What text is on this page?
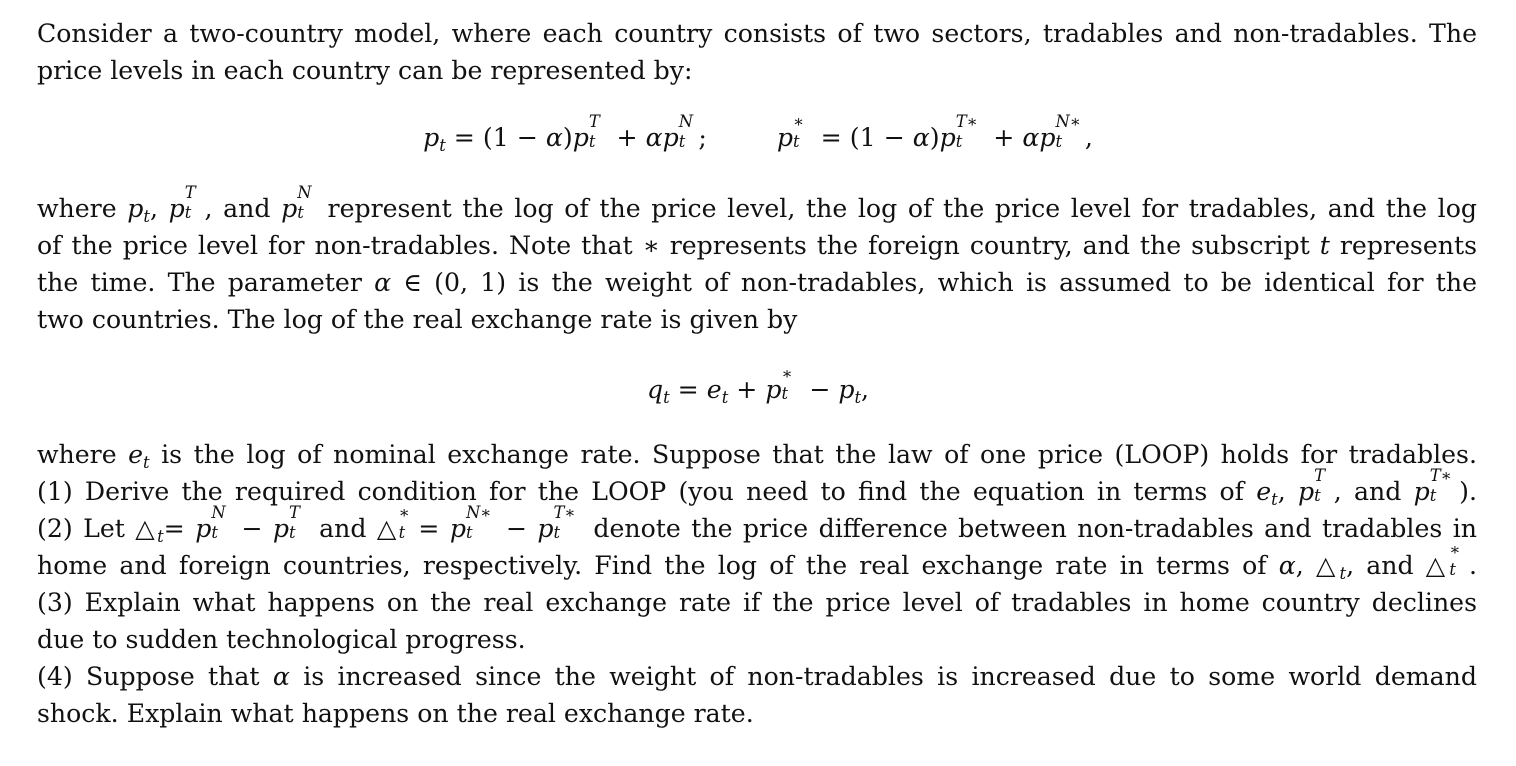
Consider a two-country model, where each country consists of two sectors, tradables and non-tradables. The
price levels in each country can be represented by:
$p_t = (1 - \alpha)p$
T
t + αp
N
t ;	p
∗
t = (1 − α)p
T∗
t + αp
N∗
t ,
where $p_t$, p
T
t , and p
N
t represent the log of the price level, the log of the price level for tradables, and the log
of the price level for non-tradables. Note that ∗ represents the foreign country, and the subscript t represents
the time. The parameter α ∈ (0, 1) is the weight of non-tradables, which is assumed to be identical for the
two countries. The log of the real exchange rate is given by
$q_t = e_t + p$
∗
$t - p_t$,
where $e_t$ is the log of nominal exchange rate. Suppose that the law of one price (LOOP) holds for tradables.
(1) Derive the required condition for the LOOP (you need to find the equation in terms of $e_t$, p
T
t , and p
T∗
t ).
(2) Let $\triangle_t= p$
N
t − p
T
t and △
∗
t = p
N∗
t − p
T∗
t denote the price difference between non-tradables and tradables in
home and foreign countries, respectively. Find the log of the real exchange rate in terms of α, $\triangle_t$, and △
∗
t .
(3) Explain what happens on the real exchange rate if the price level of tradables in home country declines
due to sudden technological progress.
(4) Suppose that α is increased since the weight of non-tradables is increased due to some world demand
shock. Explain what happens on the real exchange rate.
